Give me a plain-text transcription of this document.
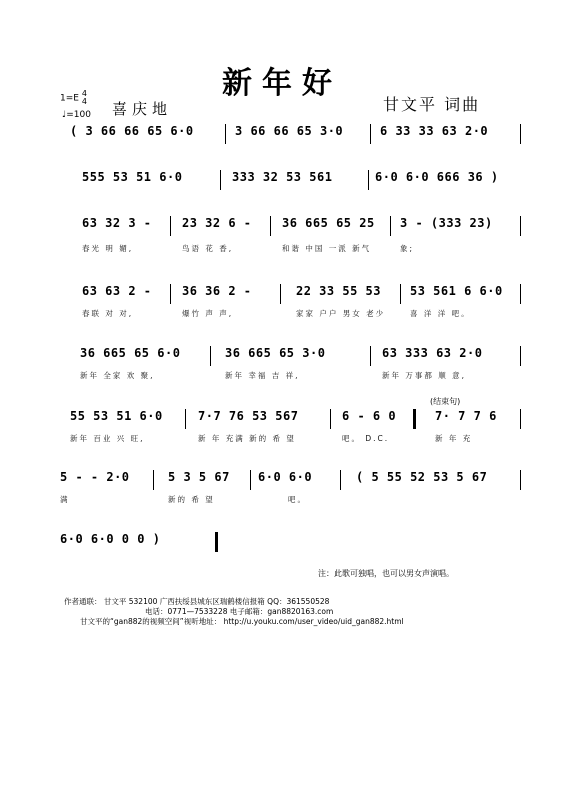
新年好
甘文平 词曲
1=E 4
4
♩=100 喜庆地
( 3 66 66 65 6·0	3 66 66 65 3·0	6 33 33 63 2·0
555 53 51 6·0	333 32 53 561	6·0 6·0 666 36 )
63 32 3 -	23 32 6 -	36 665 65 25 3 - (333 23)
春光 明 媚,	鸟语 花 香,	和谐 中国 一派 新气	象;
63 63 2 -	36 36 2 -	22 33 55 53 53 561 6 6·0
春联 对 对,	爆竹 声 声,	家家 户户 男女 老少	喜 洋 洋 吧。
36 665 65 6·0	36 665 65 3·0	63 333 63 2·0
新年 全家 欢 聚,	新年 幸福 吉 祥,	新年 万事都 顺 意,
(结束句)
55 53 51 6·0	7·7 76 53 567	6 - 6 0	7· 7 7 6
新年 百业 兴 旺,	新 年 充满 新的 希 望	吧。 D.C.	新 年 充
5 - - 2·0	5 3 5 67 6·0 6·0	( 5 55 52 53 5 67
满	新的 希 望	吧。
6·0 6·0 0 0 )
注：此歌可独唱，也可以男女声演唱。
作者通联： 甘文平 532100 广西扶绥县城东区瑞鹤楼信报箱 QQ：361550528
电话：0771—7533228 电子邮箱：gan8820163.com
甘文平的“gan882的视频空间”视听地址： http://u.youku.com/user_video/uid_gan882.html
